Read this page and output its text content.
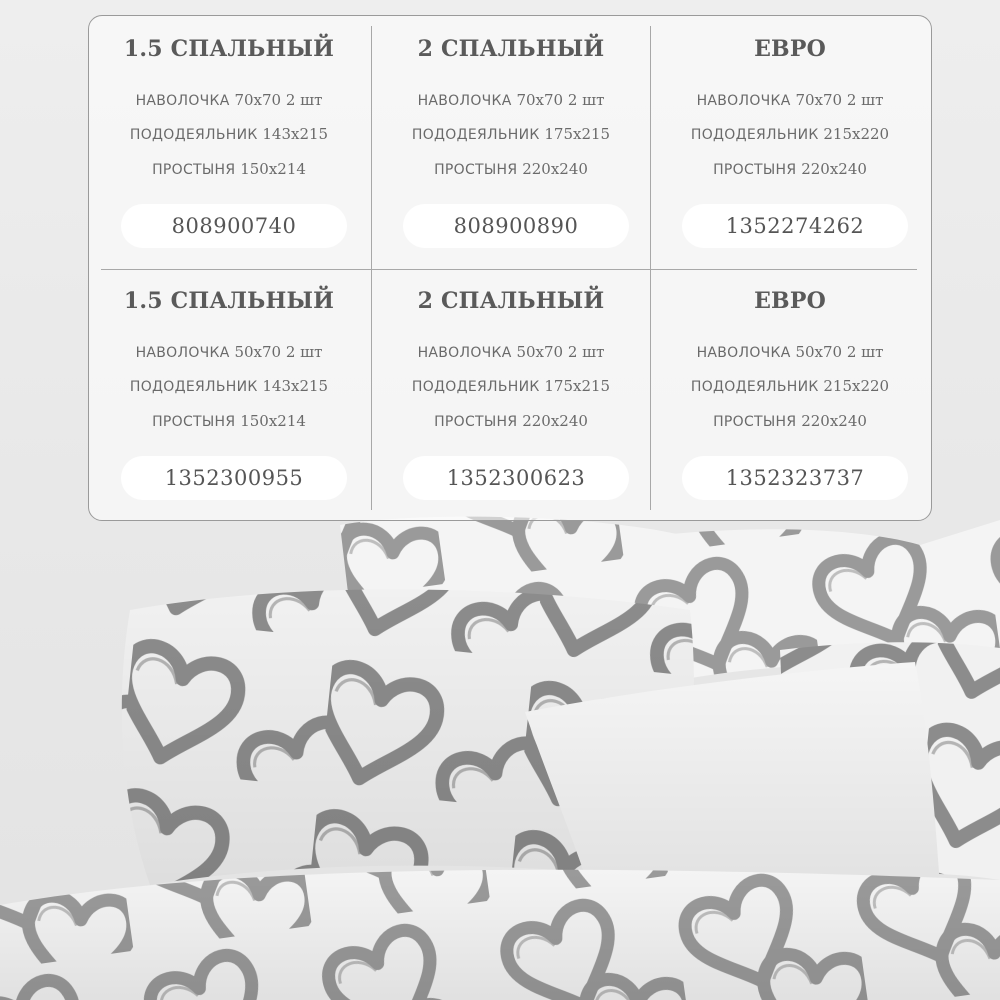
1.5 СПАЛЬНЫЙ
НАВОЛОЧКА 70х70 2 шт
ПОДОДЕЯЛЬНИК 143х215
ПРОСТЫНЯ 150х214
808900740
2 СПАЛЬНЫЙ
НАВОЛОЧКА 70х70 2 шт
ПОДОДЕЯЛЬНИК 175х215
ПРОСТЫНЯ 220х240
808900890
ЕВРО
НАВОЛОЧКА 70х70 2 шт
ПОДОДЕЯЛЬНИК 215х220
ПРОСТЫНЯ 220х240
1352274262
1.5 СПАЛЬНЫЙ
НАВОЛОЧКА 50х70 2 шт
ПОДОДЕЯЛЬНИК 143х215
ПРОСТЫНЯ 150х214
1352300955
2 СПАЛЬНЫЙ
НАВОЛОЧКА 50х70 2 шт
ПОДОДЕЯЛЬНИК 175х215
ПРОСТЫНЯ 220х240
1352300623
ЕВРО
НАВОЛОЧКА 50х70 2 шт
ПОДОДЕЯЛЬНИК 215х220
ПРОСТЫНЯ 220х240
1352323737
